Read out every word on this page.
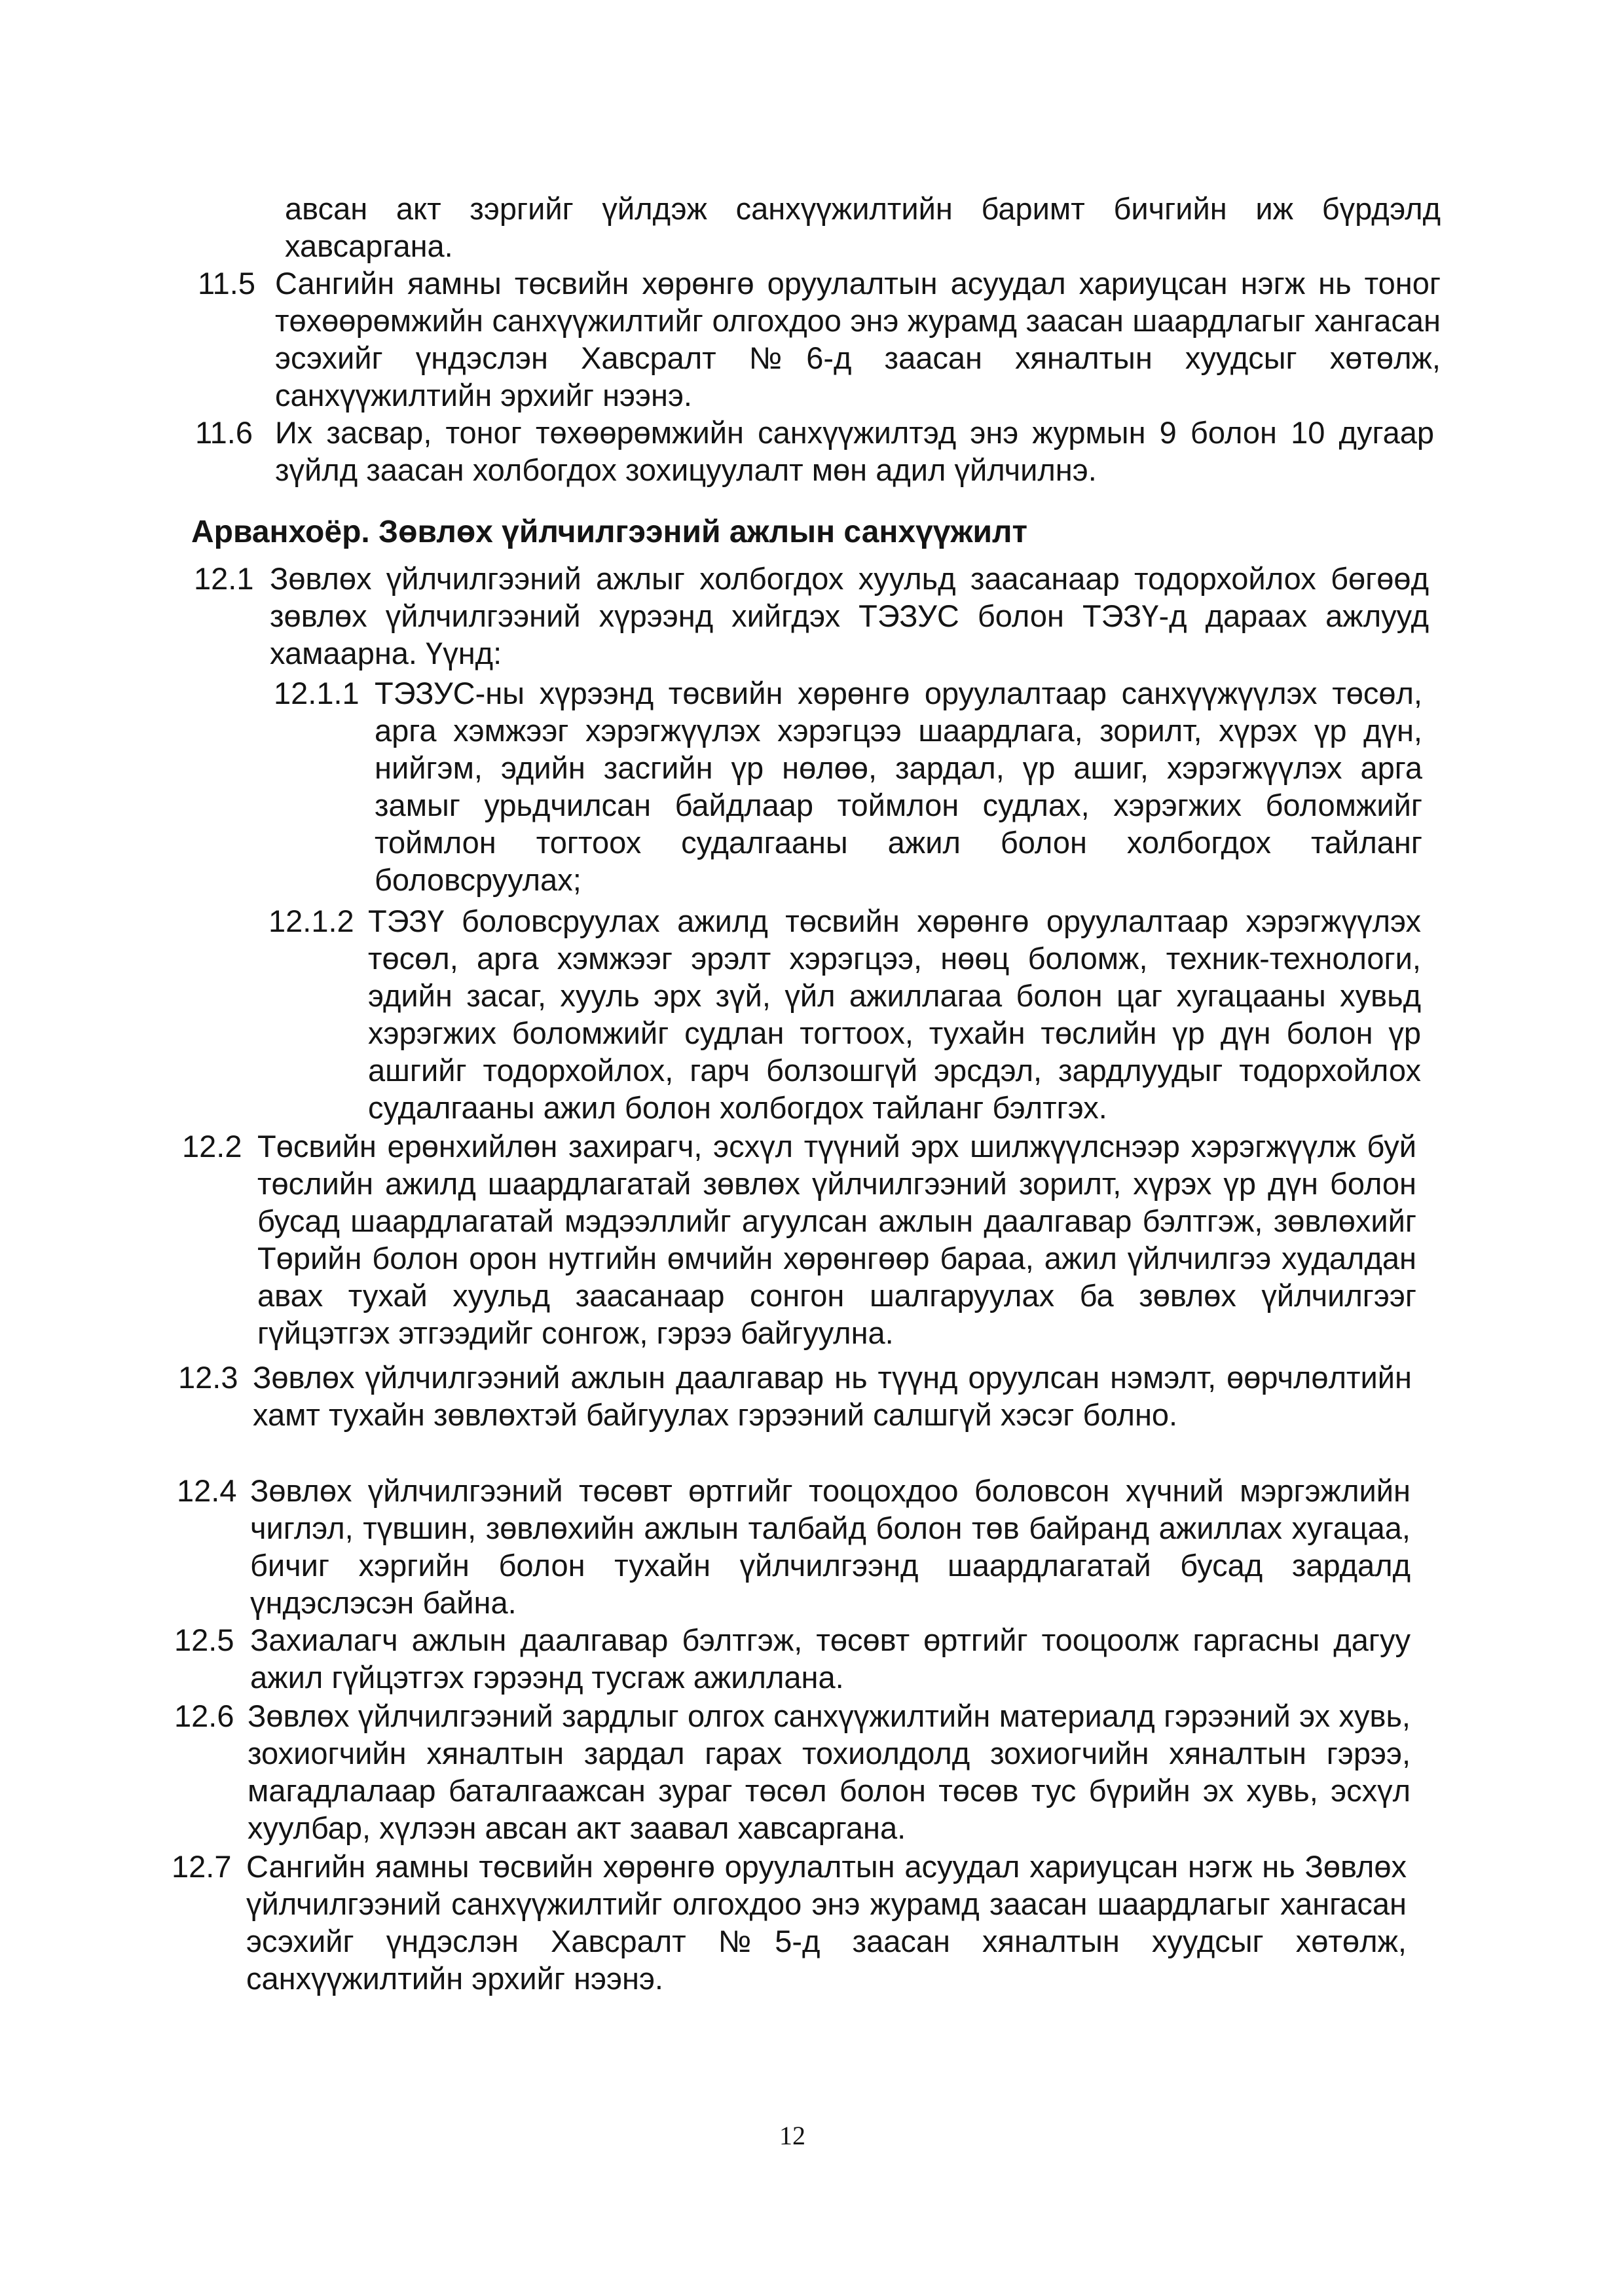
авсан акт зэргийг үйлдэж санхүүжилтийн баримт бичгийн иж бүрдэлд хавсаргана.
11.5 Сангийн яамны төсвийн хөрөнгө оруулалтын асуудал хариуцсан нэгж нь тоног төхөөрөмжийн санхүүжилтийг олгохдоо энэ журамд заасан шаардлагыг хангасан эсэхийг үндэслэн Хавсралт №6-д заасан хяналтын хуудсыг хөтөлж, санхүүжилтийн эрхийг нээнэ.
11.6 Их засвар, тоног төхөөрөмжийн санхүүжилтэд энэ журмын 9 болон 10 дугаар зүйлд заасан холбогдох зохицуулалт мөн адил үйлчилнэ.
Арванхоёр. Зөвлөх үйлчилгээний ажлын санхүүжилт
12.1 Зөвлөх үйлчилгээний ажлыг холбогдох хуульд заасанаар тодорхойлох бөгөөд зөвлөх үйлчилгээний хүрээнд хийгдэх ТЭЗУС болон ТЭЗҮ-д дараах ажлууд хамаарна. Үүнд:
12.1.1 ТЭЗУС-ны хүрээнд төсвийн хөрөнгө оруулалтаар санхүүжүүлэх төсөл, арга хэмжээг хэрэгжүүлэх хэрэгцээ шаардлага, зорилт, хүрэх үр дүн, нийгэм, эдийн засгийн үр нөлөө, зардал, үр ашиг, хэрэгжүүлэх арга замыг урьдчилсан байдлаар тоймлон судлах, хэрэгжих боломжийг тоймлон тогтоох судалгааны ажил болон холбогдох тайланг боловсруулах;
12.1.2 ТЭЗҮ боловсруулах ажилд төсвийн хөрөнгө оруулалтаар хэрэгжүүлэх төсөл, арга хэмжээг эрэлт хэрэгцээ, нөөц боломж, техник-технологи, эдийн засаг, хууль эрх зүй, үйл ажиллагаа болон цаг хугацааны хувьд хэрэгжих боломжийг судлан тогтоох, тухайн төслийн үр дүн болон үр ашгийг тодорхойлох, гарч болзошгүй эрсдэл, зардлуудыг тодорхойлох судалгааны ажил болон холбогдох тайланг бэлтгэх.
12.2 Төсвийн ерөнхийлөн захирагч, эсхүл түүний эрх шилжүүлснээр хэрэгжүүлж буй төслийн ажилд шаардлагатай зөвлөх үйлчилгээний зорилт, хүрэх үр дүн болон бусад шаардлагатай мэдээллийг агуулсан ажлын даалгавар бэлтгэж, зөвлөхийг Төрийн болон орон нутгийн өмчийн хөрөнгөөр бараа, ажил үйлчилгээ худалдан авах тухай хуульд заасанаар сонгон шалгаруулах ба зөвлөх үйлчилгээг гүйцэтгэх этгээдийг сонгож, гэрээ байгуулна.
12.3 Зөвлөх үйлчилгээний ажлын даалгавар нь түүнд оруулсан нэмэлт, өөрчлөлтийн хамт тухайн зөвлөхтэй байгуулах гэрээний салшгүй хэсэг болно.
12.4 Зөвлөх үйлчилгээний төсөвт өртгийг тооцохдоо боловсон хүчний мэргэжлийн чиглэл, түвшин, зөвлөхийн ажлын талбайд болон төв байранд ажиллах хугацаа, бичиг хэргийн болон тухайн үйлчилгээнд шаардлагатай бусад зардалд үндэслэсэн байна.
12.5 Захиалагч ажлын даалгавар бэлтгэж, төсөвт өртгийг тооцоолж гаргасны дагуу ажил гүйцэтгэх гэрээнд тусгаж ажиллана.
12.6 Зөвлөх үйлчилгээний зардлыг олгох санхүүжилтийн материалд гэрээний эх хувь, зохиогчийн хяналтын зардал гарах тохиолдолд зохиогчийн хяналтын гэрээ, магадлалаар баталгаажсан зураг төсөл болон төсөв тус бүрийн эх хувь, эсхүл хуулбар, хүлээн авсан акт заавал хавсаргана.
12.7 Сангийн яамны төсвийн хөрөнгө оруулалтын асуудал хариуцсан нэгж нь Зөвлөх үйлчилгээний санхүүжилтийг олгохдоо энэ журамд заасан шаардлагыг хангасан эсэхийг үндэслэн Хавсралт №5-д заасан хяналтын хуудсыг хөтөлж, санхүүжилтийн эрхийг нээнэ.
12
